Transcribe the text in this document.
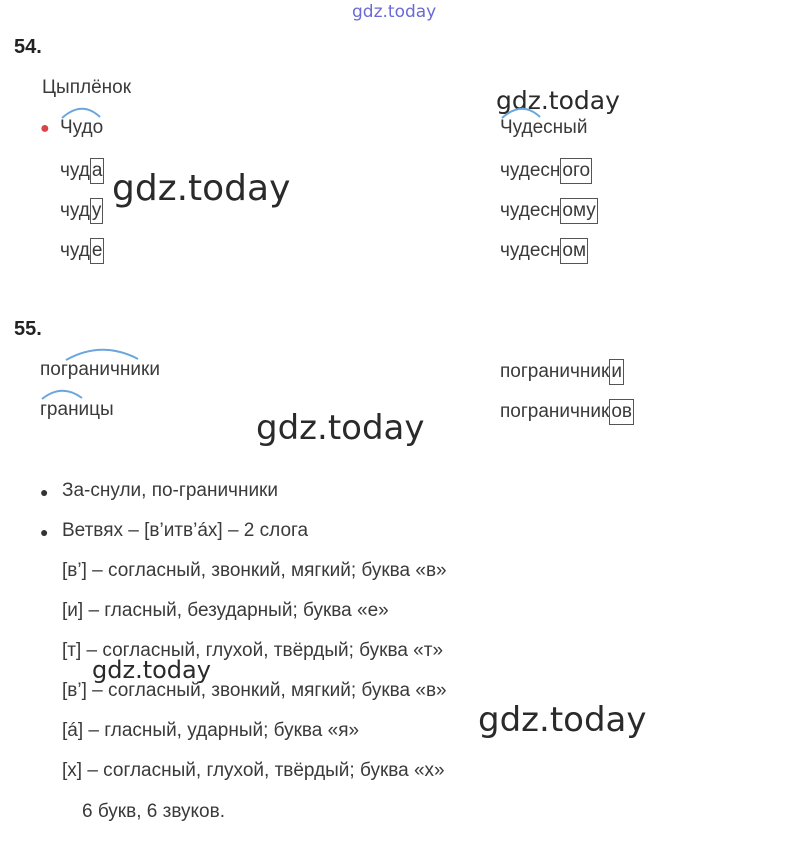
gdz.today
54.
Цыплёнок
● Чудо
чуд а
чуд у
чуд е
gdz.today
gdz.today
Чудесный
чудесн ого
чудесн ому
чудесн ом
55.
пограничники
границы
пограничник и
пограничник ов
gdz.today
● За-снули, по-граничники
● Ветвях – [в’итв’áх] – 2 слога
[в’] – согласный, звонкий, мягкий; буква «в»
[и] – гласный, безударный; буква «е»
[т] – согласный, глухой, твёрдый; буква «т»
[в’] – согласный, звонкий, мягкий; буква «в»
[á] – гласный, ударный; буква «я»
[х] – согласный, глухой, твёрдый; буква «х»
6 букв, 6 звуков.
gdz.today
gdz.today
